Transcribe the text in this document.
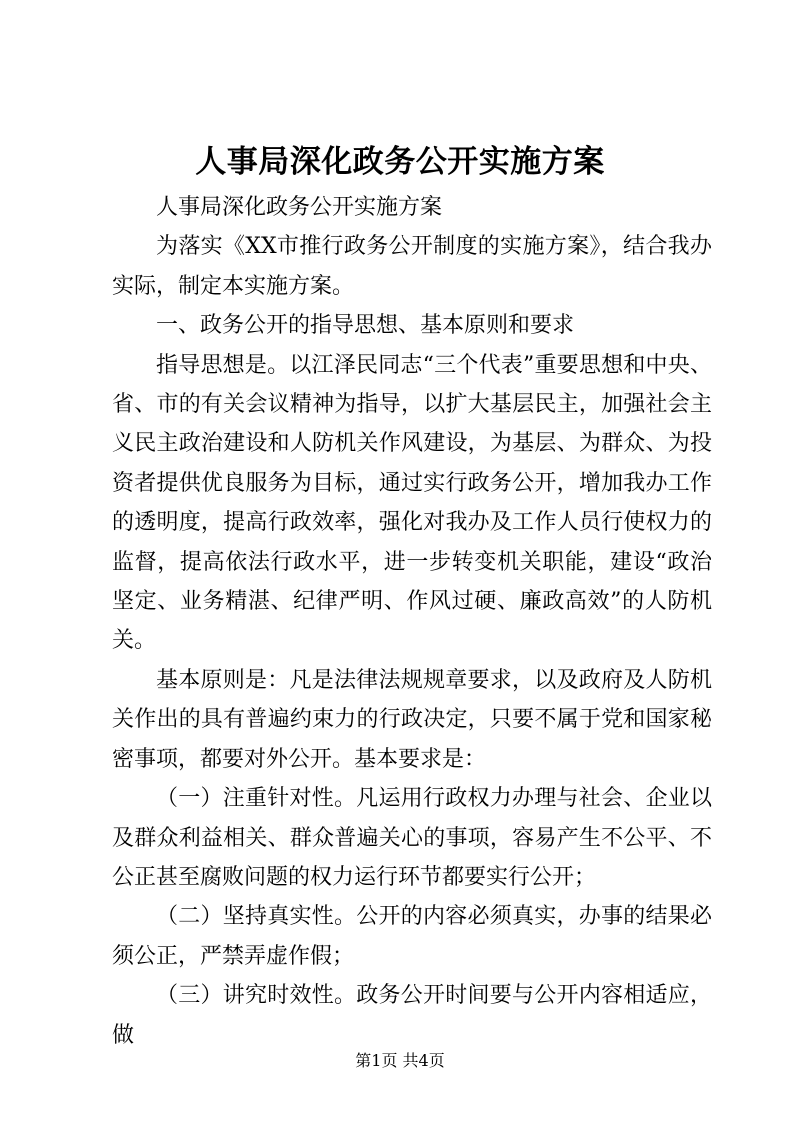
人事局深化政务公开实施方案

人事局深化政务公开实施方案

为落实《XX市推行政务公开制度的实施方案》，结合我办实际，制定本实施方案。

一、政务公开的指导思想、基本原则和要求

指导思想是。以江泽民同志“三个代表”重要思想和中央、省、市的有关会议精神为指导，以扩大基层民主，加强社会主义民主政治建设和人防机关作风建设，为基层、为群众、为投资者提供优良服务为目标，通过实行政务公开，增加我办工作的透明度，提高行政效率，强化对我办及工作人员行使权力的监督，提高依法行政水平，进一步转变机关职能，建设“政治坚定、业务精湛、纪律严明、作风过硬、廉政高效”的人防机关。

基本原则是：凡是法律法规规章要求，以及政府及人防机关作出的具有普遍约束力的行政决定，只要不属于党和国家秘密事项，都要对外公开。基本要求是：

（一）注重针对性。凡运用行政权力办理与社会、企业以及群众利益相关、群众普遍关心的事项，容易产生不公平、不公正甚至腐败问题的权力运行环节都要实行公开；

（二）坚持真实性。公开的内容必须真实，办事的结果必须公正，严禁弄虚作假；

（三）讲究时效性。政务公开时间要与公开内容相适应，做

第1页 共4页
